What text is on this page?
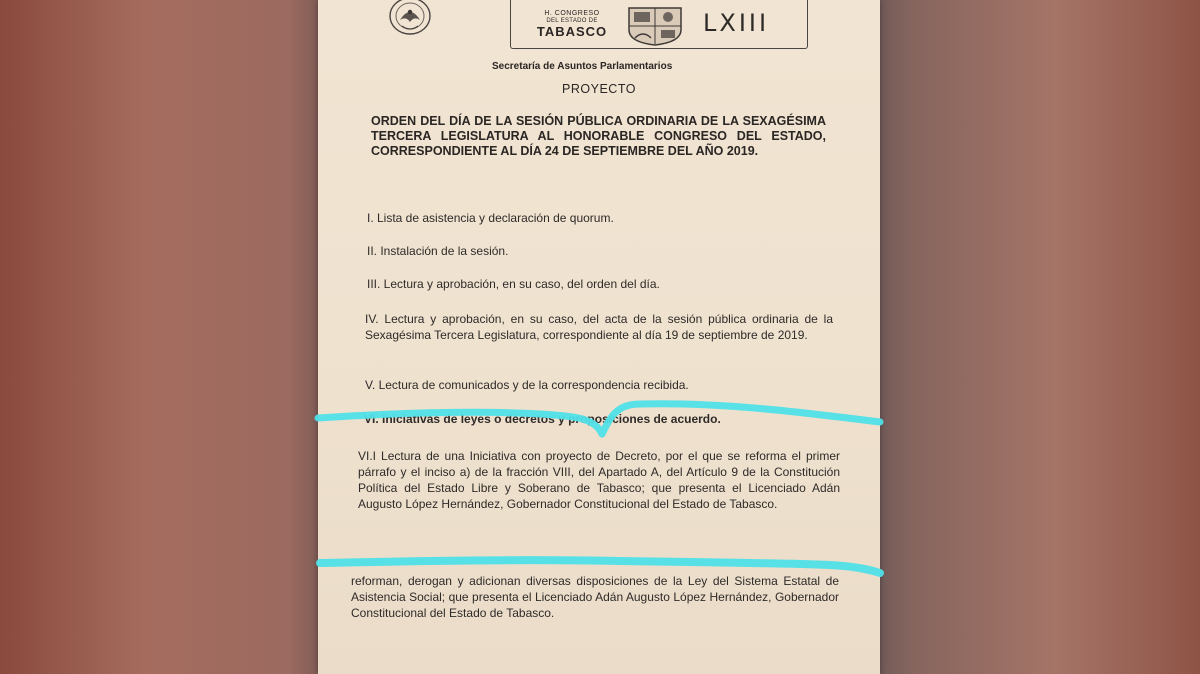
H. CONGRESO
DEL ESTADO DE
TABASCO	LXIII
Secretaría de Asuntos Parlamentarios
PROYECTO
ORDEN DEL DÍA DE LA SESIÓN PÚBLICA ORDINARIA DE LA SEXAGÉSIMA TERCERA LEGISLATURA AL HONORABLE CONGRESO DEL ESTADO, CORRESPONDIENTE AL DÍA 24 DE SEPTIEMBRE DEL AÑO 2019.
I. Lista de asistencia y declaración de quorum.
II. Instalación de la sesión.
III. Lectura y aprobación, en su caso, del orden del día.
IV. Lectura y aprobación, en su caso, del acta de la sesión pública ordinaria de la Sexagésima Tercera Legislatura, correspondiente al día 19 de septiembre de 2019.
V. Lectura de comunicados y de la correspondencia recibida.
VI. Iniciativas de leyes o decretos y proposiciones de acuerdo.
VI.I Lectura de una Iniciativa con proyecto de Decreto, por el que se reforma el primer párrafo y el inciso a) de la fracción VIII, del Apartado A, del Artículo 9 de la Constitución Política del Estado Libre y Soberano de Tabasco; que presenta el Licenciado Adán Augusto López Hernández, Gobernador Constitucional del Estado de Tabasco.
reforman, derogan y adicionan diversas disposiciones de la Ley del Sistema Estatal de Asistencia Social; que presenta el Licenciado Adán Augusto López Hernández, Gobernador Constitucional del Estado de Tabasco.
